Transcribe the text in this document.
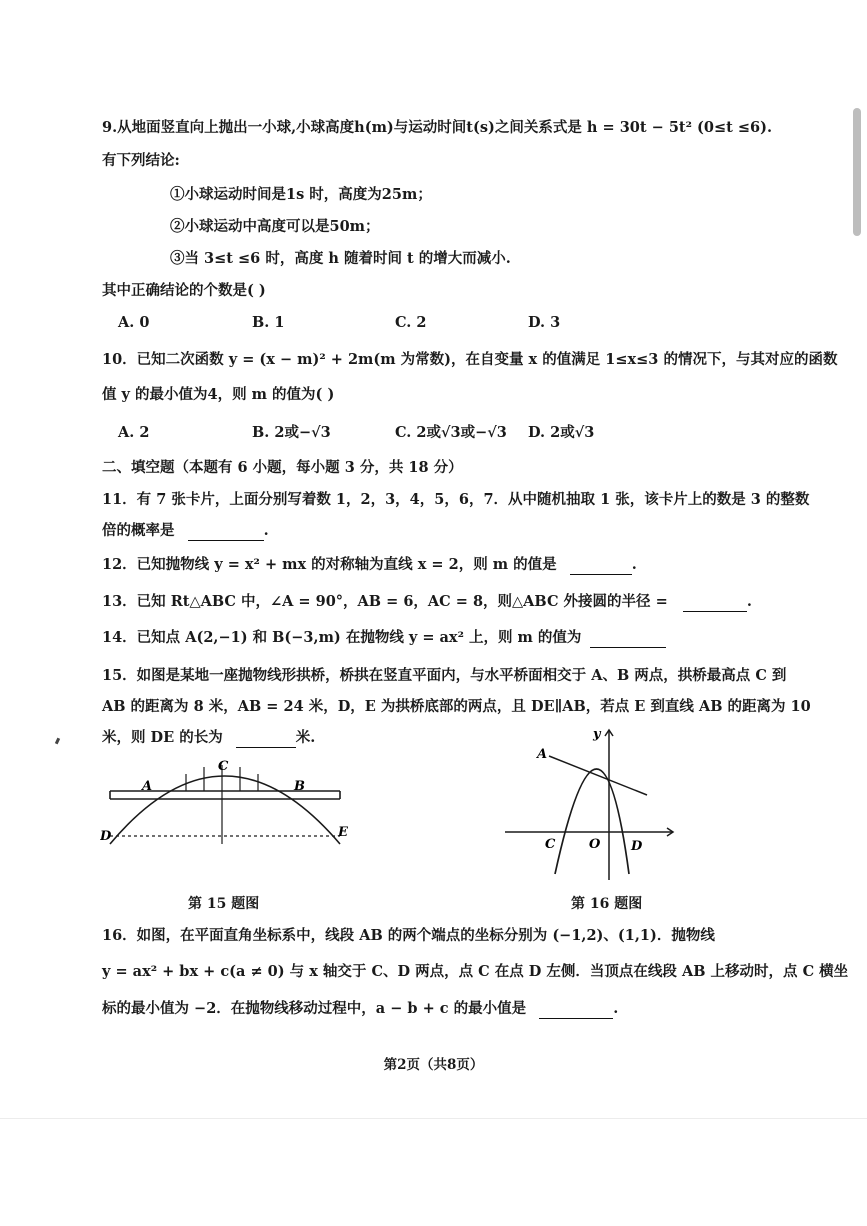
9.从地面竖直向上抛出一小球,小球高度h(m)与运动时间t(s)之间关系式是 h = 30t − 5t² (0≤t ≤6).
有下列结论:
①小球运动时间是1s 时，高度为25m；
②小球运动中高度可以是50m；
③当 3≤t ≤6 时，高度 h 随着时间 t 的增大而减小.
其中正确结论的个数是( )
A. 0	B. 1	C. 2	D. 3
10．已知二次函数 y = (x − m)² + 2m(m 为常数)，在自变量 x 的值满足 1≤x≤3 的情况下，与其对应的函数
值 y 的最小值为4，则 m 的值为( )
A. 2	B. 2或−√3	C. 2或√3或−√3 D. 2或√3
二、填空题（本题有 6 小题，每小题 3 分，共 18 分）
11．有 7 张卡片，上面分别写着数 1，2，3，4，5，6，7．从中随机抽取 1 张，该卡片上的数是 3 的整数
倍的概率是	.
12．已知抛物线 y = x² + mx 的对称轴为直线 x = 2，则 m 的值是	.
13．已知 Rt△ABC 中，∠A = 90°，AB = 6，AC = 8，则△ABC 外接圆的半径 =	.
14．已知点 A(2,−1) 和 B(−3,m) 在抛物线 y = ax² 上，则 m 的值为
15．如图是某地一座抛物线形拱桥，桥拱在竖直平面内，与水平桥面相交于 A、B 两点，拱桥最高点 C 到
AB 的距离为 8 米，AB = 24 米，D，E 为拱桥底部的两点，且 DE∥AB，若点 E 到直线 AB 的距离为 10
米，则 DE 的长为	米.
A
C
B
D	E
第 15 题图
A
y
C	O D
第 16 题图
16．如图，在平面直角坐标系中，线段 AB 的两个端点的坐标分别为 (−1,2)、(1,1)．抛物线
y = ax² + bx + c(a ≠ 0) 与 x 轴交于 C、D 两点，点 C 在点 D 左侧．当顶点在线段 AB 上移动时，点 C 横坐
标的最小值为 −2．在抛物线移动过程中，a − b + c 的最小值是	.
第2页（共8页）
